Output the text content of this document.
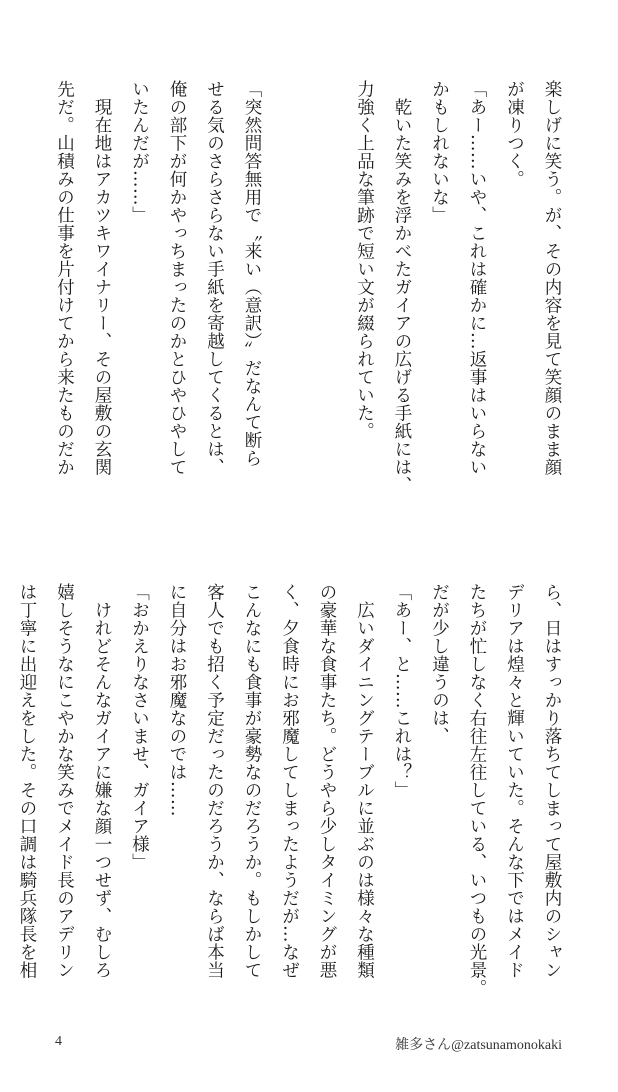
楽しげに笑う。が、その内容を見て笑顔のまま顔
が凍りつく。
「あー……いや、これは確かに…返事はいらない
かもしれないな」
　乾いた笑みを浮かべたガイアの広げる手紙には、
力強く上品な筆跡で短い文が綴られていた。

「突然問答無用で〝来い（意訳）〟だなんて断ら
せる気のさらさらない手紙を寄越してくるとは、
俺の部下が何かやっちまったのかとひやひやして
いたんだが……」
　現在地はアカツキワイナリー、その屋敷の玄関
先だ。山積みの仕事を片付けてから来たものだか
ら、日はすっかり落ちてしまって屋敷内のシャン
デリアは煌々と輝いていた。そんな下ではメイド
たちが忙しなく右往左往している、いつもの光景。
だが少し違うのは、
「あー、と……これは？」
　広いダイニングテーブルに並ぶのは様々な種類
の豪華な食事たち。どうやら少しタイミングが悪
く、夕食時にお邪魔してしまったようだが…なぜ
こんなにも食事が豪勢なのだろうか。もしかして
客人でも招く予定だったのだろうか、ならば本当
に自分はお邪魔なのでは……
「おかえりなさいませ、ガイア様」
　けれどそんなガイアに嫌な顔一つせず、むしろ
嬉しそうなにこやかな笑みでメイド長のアデリン
は丁寧に出迎えをした。その口調は騎兵隊長を相
4	雑多さん@zatsunamonokaki
